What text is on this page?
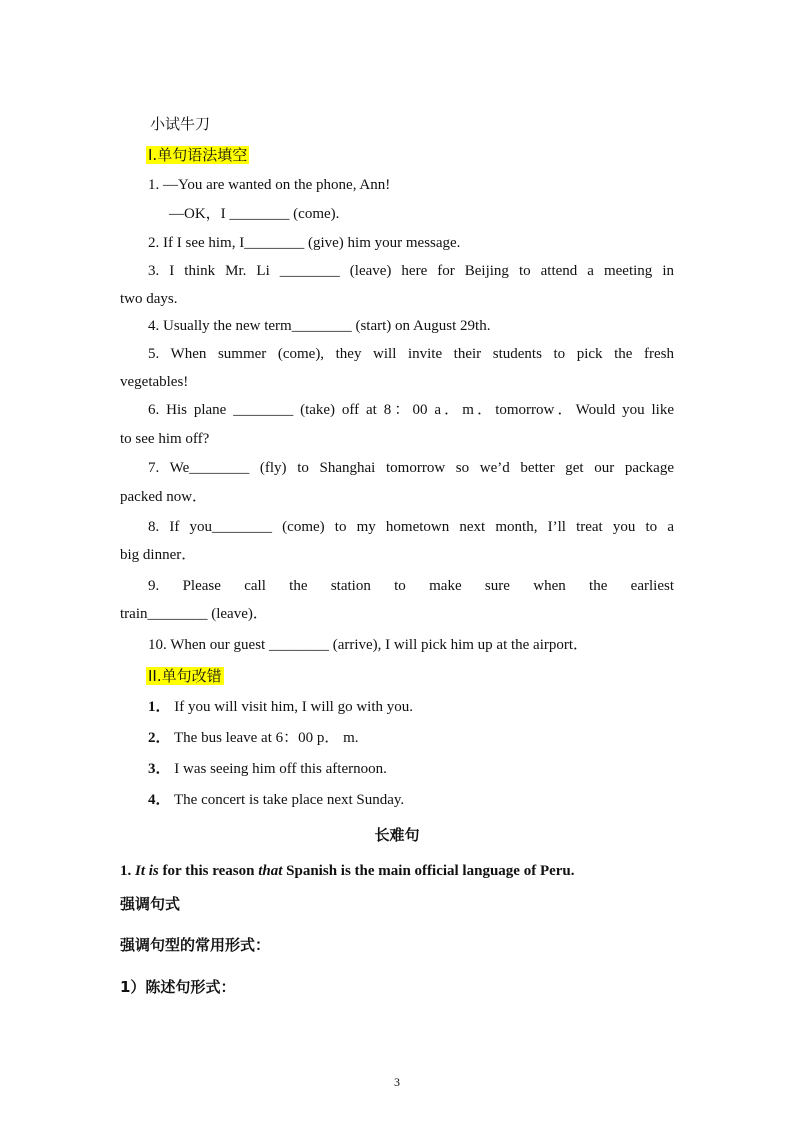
小试牛刀
I.单句语法填空
1. —You are wanted on the phone, Ann!
—OK，I ________ (come).
2. If I see him, I________ (give) him your message.
3. I think Mr. Li ________ (leave) here for Beijing to attend a meeting in
two days.
4. Usually the new term________ (start) on August 29th.
5. When summer (come), they will invite their students to pick the fresh
vegetables!
6. His plane ________ (take) off at 8：00 a．m．tomorrow．Would you like
to see him off?
7. We________ (fly) to Shanghai tomorrow so we’d better get our package
packed now．
8. If you________ (come) to my hometown next month, I’ll treat you to a
big dinner．
9. Please call the station to make sure when the earliest
train________ (leave)．
10. When our guest ________ (arrive), I will pick him up at the airport．
II.单句改错
1． If you will visit him, I will go with you.
2． The bus leave at 6：00 p． m.
3． I was seeing him off this afternoon.
4． The concert is take place next Sunday.
长难句
1. It is for this reason that Spanish is the main official language of Peru.
强调句式
强调句型的常用形式：
1）陈述句形式：
3
